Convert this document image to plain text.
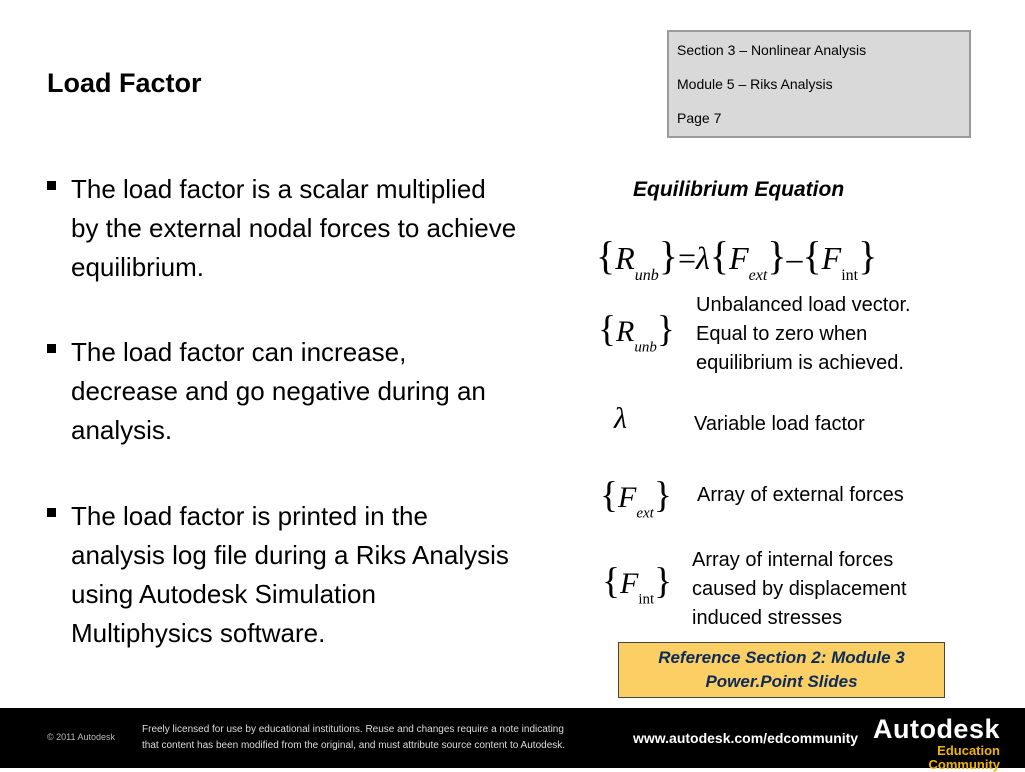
Load Factor
Section 3 – Nonlinear Analysis
Module 5 – Riks Analysis
Page 7
The load factor is a scalar multiplied by the external nodal forces to achieve equilibrium.
The load factor can increase, decrease and go negative during an analysis.
The load factor is printed in the analysis log file during a Riks Analysis using Autodesk Simulation Multiphysics software.
Equilibrium Equation
$\{R_{unb}\}=\lambda\{F_{ext}\}-\{F_{int}\}$
$\{R_{unb}\}$
Unbalanced load vector. Equal to zero when equilibrium is achieved.
λ	Variable load factor
$\{F_{ext}\}$ Array of external forces
$\{F_{int}\}$
Array of internal forces caused by displacement induced stresses
Reference Section 2: Module 3
Power.Point Slides
© 2011 Autodesk
Freely licensed for use by educational institutions. Reuse and changes require a note indicating
that content has been modified from the original, and must attribute source content to Autodesk.	www.autodesk.com/edcommunity Autodesk
Education Community
